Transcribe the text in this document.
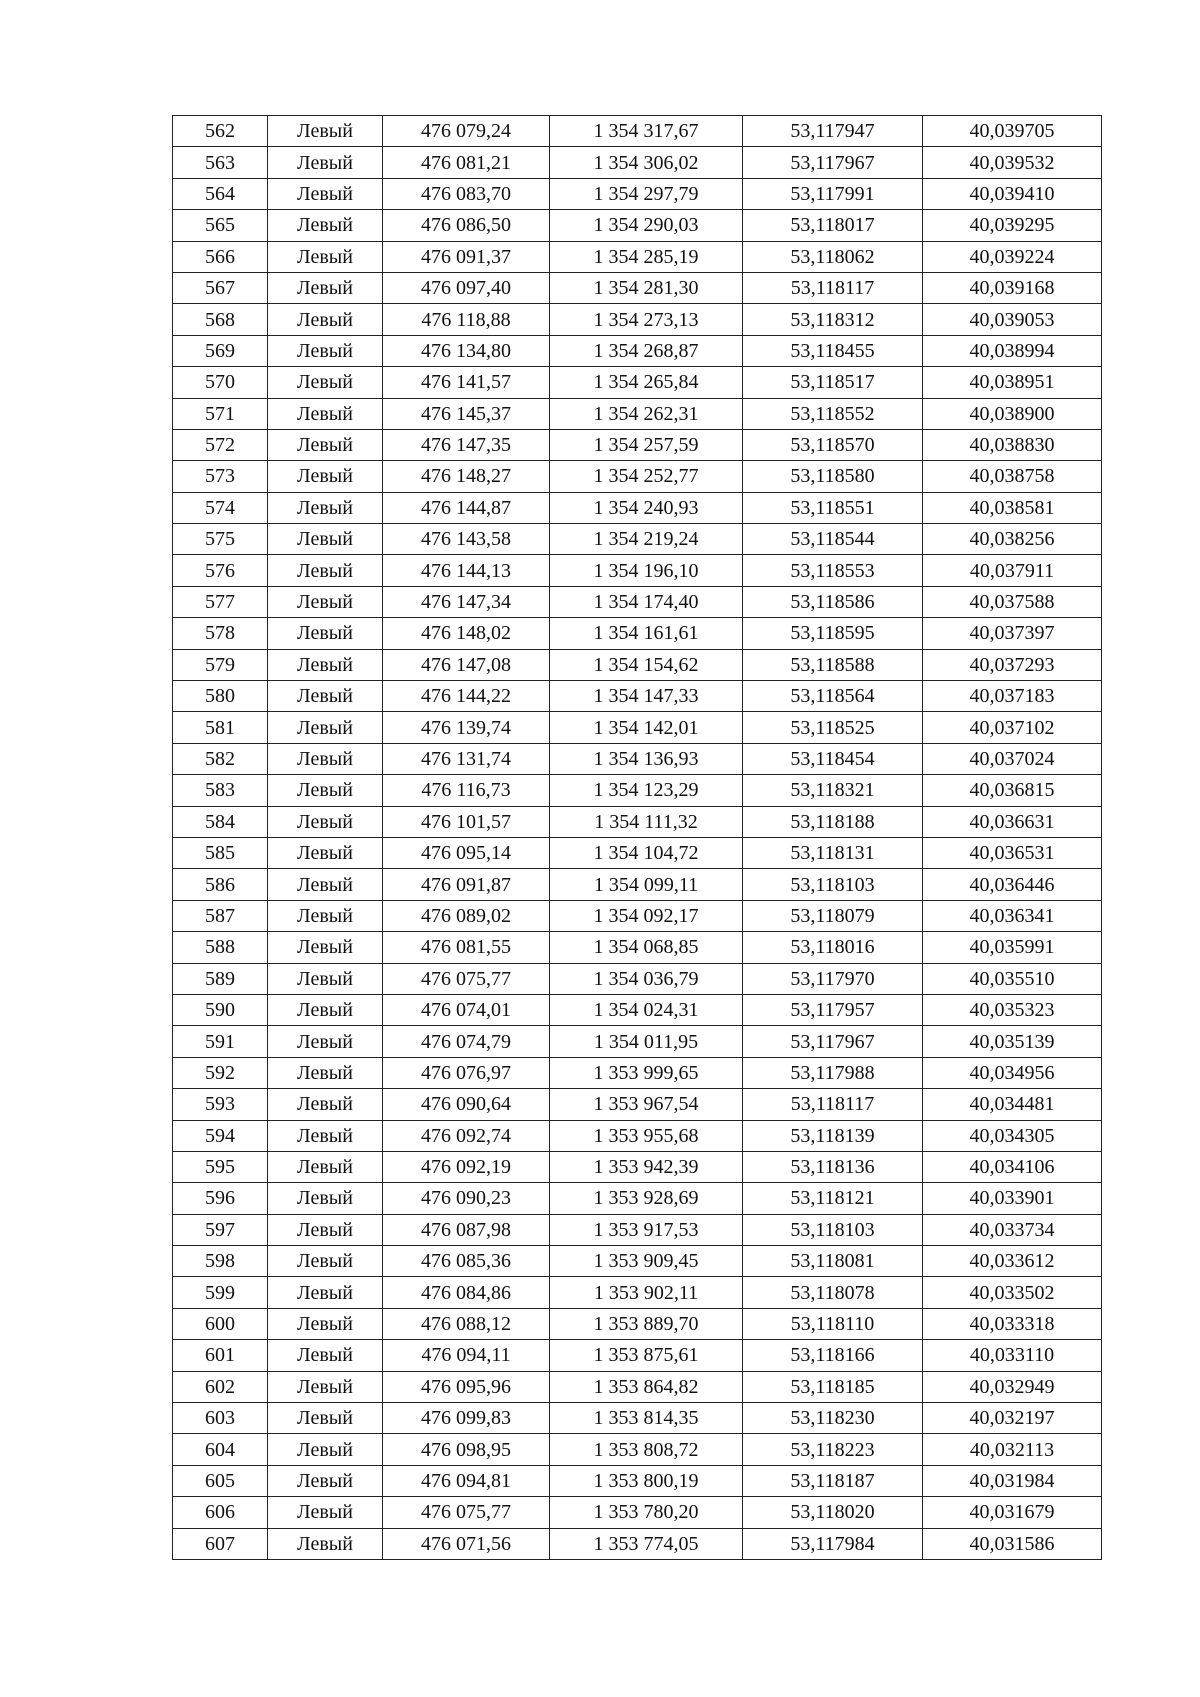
562	Левый	476 079,24	1 354 317,67	53,117947	40,039705
563	Левый	476 081,21	1 354 306,02	53,117967	40,039532
564	Левый	476 083,70	1 354 297,79	53,117991	40,039410
565	Левый	476 086,50	1 354 290,03	53,118017	40,039295
566	Левый	476 091,37	1 354 285,19	53,118062	40,039224
567	Левый	476 097,40	1 354 281,30	53,118117	40,039168
568	Левый	476 118,88	1 354 273,13	53,118312	40,039053
569	Левый	476 134,80	1 354 268,87	53,118455	40,038994
570	Левый	476 141,57	1 354 265,84	53,118517	40,038951
571	Левый	476 145,37	1 354 262,31	53,118552	40,038900
572	Левый	476 147,35	1 354 257,59	53,118570	40,038830
573	Левый	476 148,27	1 354 252,77	53,118580	40,038758
574	Левый	476 144,87	1 354 240,93	53,118551	40,038581
575	Левый	476 143,58	1 354 219,24	53,118544	40,038256
576	Левый	476 144,13	1 354 196,10	53,118553	40,037911
577	Левый	476 147,34	1 354 174,40	53,118586	40,037588
578	Левый	476 148,02	1 354 161,61	53,118595	40,037397
579	Левый	476 147,08	1 354 154,62	53,118588	40,037293
580	Левый	476 144,22	1 354 147,33	53,118564	40,037183
581	Левый	476 139,74	1 354 142,01	53,118525	40,037102
582	Левый	476 131,74	1 354 136,93	53,118454	40,037024
583	Левый	476 116,73	1 354 123,29	53,118321	40,036815
584	Левый	476 101,57	1 354 111,32	53,118188	40,036631
585	Левый	476 095,14	1 354 104,72	53,118131	40,036531
586	Левый	476 091,87	1 354 099,11	53,118103	40,036446
587	Левый	476 089,02	1 354 092,17	53,118079	40,036341
588	Левый	476 081,55	1 354 068,85	53,118016	40,035991
589	Левый	476 075,77	1 354 036,79	53,117970	40,035510
590	Левый	476 074,01	1 354 024,31	53,117957	40,035323
591	Левый	476 074,79	1 354 011,95	53,117967	40,035139
592	Левый	476 076,97	1 353 999,65	53,117988	40,034956
593	Левый	476 090,64	1 353 967,54	53,118117	40,034481
594	Левый	476 092,74	1 353 955,68	53,118139	40,034305
595	Левый	476 092,19	1 353 942,39	53,118136	40,034106
596	Левый	476 090,23	1 353 928,69	53,118121	40,033901
597	Левый	476 087,98	1 353 917,53	53,118103	40,033734
598	Левый	476 085,36	1 353 909,45	53,118081	40,033612
599	Левый	476 084,86	1 353 902,11	53,118078	40,033502
600	Левый	476 088,12	1 353 889,70	53,118110	40,033318
601	Левый	476 094,11	1 353 875,61	53,118166	40,033110
602	Левый	476 095,96	1 353 864,82	53,118185	40,032949
603	Левый	476 099,83	1 353 814,35	53,118230	40,032197
604	Левый	476 098,95	1 353 808,72	53,118223	40,032113
605	Левый	476 094,81	1 353 800,19	53,118187	40,031984
606	Левый	476 075,77	1 353 780,20	53,118020	40,031679
607	Левый	476 071,56	1 353 774,05	53,117984	40,031586
